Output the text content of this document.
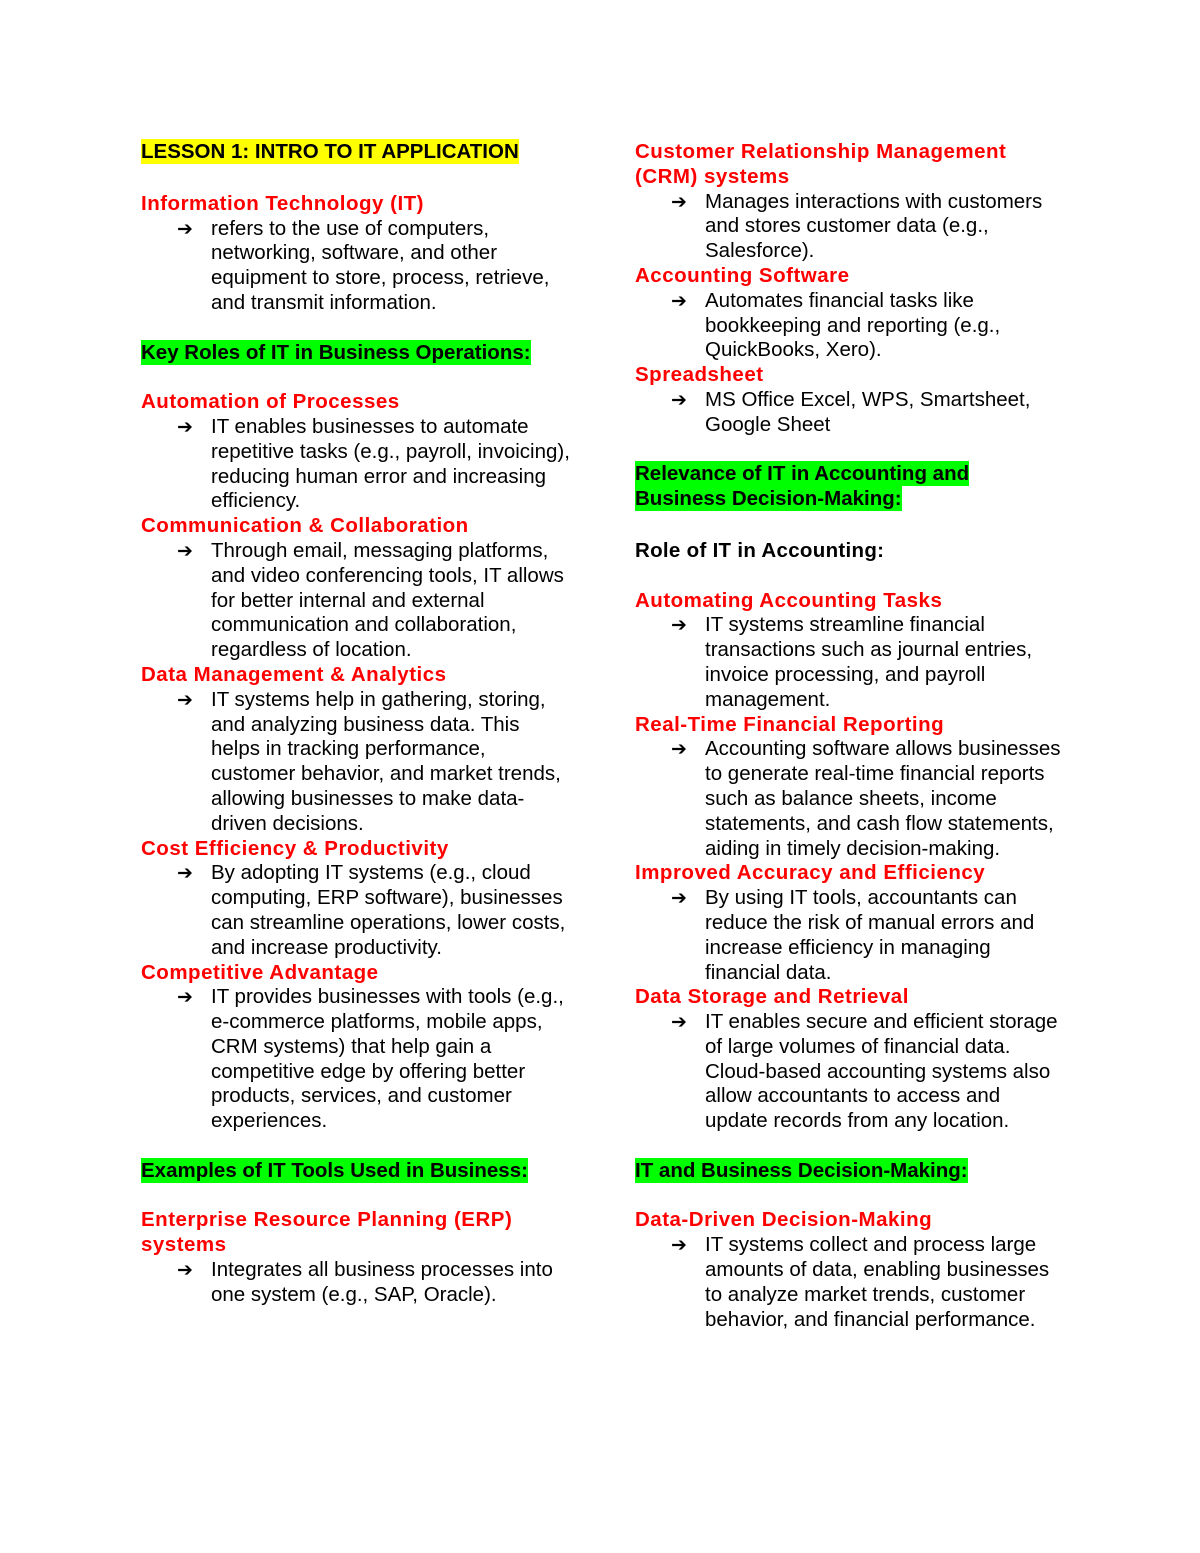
LESSON 1: INTRO TO IT APPLICATION

Information Technology (IT)

➔ refers to the use of computers, networking, software, and other equipment to store, process, retrieve, and transmit information.

Key Roles of IT in Business Operations:

Automation of Processes

➔ IT enables businesses to automate repetitive tasks (e.g., payroll, invoicing), reducing human error and increasing efficiency.

Communication & Collaboration

➔ Through email, messaging platforms, and video conferencing tools, IT allows for better internal and external communication and collaboration, regardless of location.

Data Management & Analytics

➔ IT systems help in gathering, storing, and analyzing business data. This helps in tracking performance, customer behavior, and market trends, allowing businesses to make data-driven decisions.

Cost Efficiency & Productivity

➔ By adopting IT systems (e.g., cloud computing, ERP software), businesses can streamline operations, lower costs, and increase productivity.

Competitive Advantage

➔ IT provides businesses with tools (e.g., e-commerce platforms, mobile apps, CRM systems) that help gain a competitive edge by offering better products, services, and customer experiences.

Examples of IT Tools Used in Business:

Enterprise Resource Planning (ERP) systems

➔ Integrates all business processes into one system (e.g., SAP, Oracle).

Customer Relationship Management (CRM) systems

➔ Manages interactions with customers and stores customer data (e.g., Salesforce).

Accounting Software

➔ Automates financial tasks like bookkeeping and reporting (e.g., QuickBooks, Xero).

Spreadsheet

➔ MS Office Excel, WPS, Smartsheet, Google Sheet

Relevance of IT in Accounting and Business Decision-Making:

Role of IT in Accounting:

Automating Accounting Tasks

➔ IT systems streamline financial transactions such as journal entries, invoice processing, and payroll management.

Real-Time Financial Reporting

➔ Accounting software allows businesses to generate real-time financial reports such as balance sheets, income statements, and cash flow statements, aiding in timely decision-making.

Improved Accuracy and Efficiency

➔ By using IT tools, accountants can reduce the risk of manual errors and increase efficiency in managing financial data.

Data Storage and Retrieval

➔ IT enables secure and efficient storage of large volumes of financial data. Cloud-based accounting systems also allow accountants to access and update records from any location.

IT and Business Decision-Making:

Data-Driven Decision-Making

➔ IT systems collect and process large amounts of data, enabling businesses to analyze market trends, customer behavior, and financial performance.
